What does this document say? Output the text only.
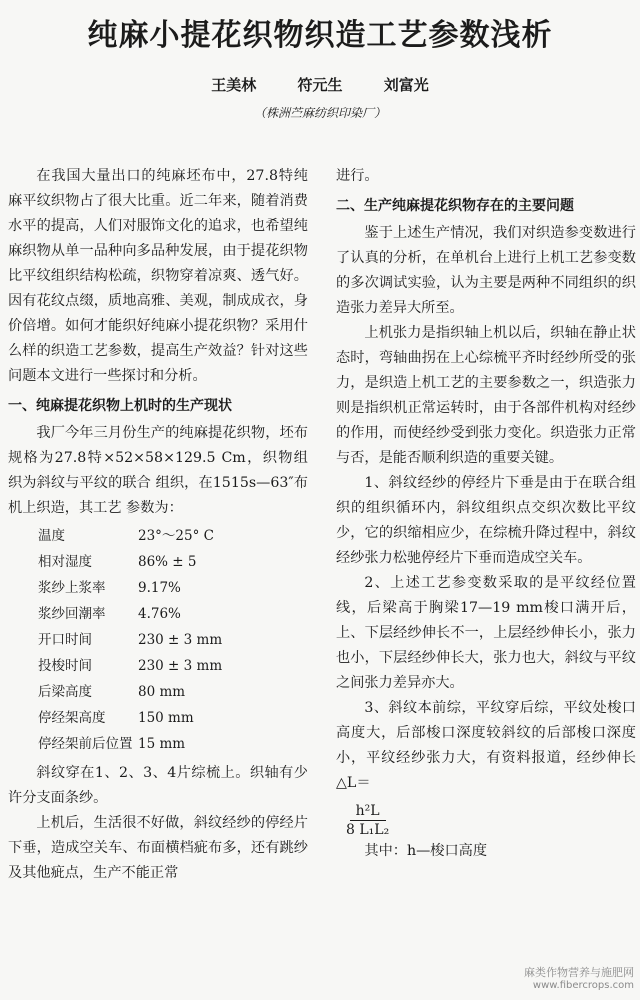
纯麻小提花织物织造工艺参数浅析
王美林	符元生	刘富光
（株洲苎麻纺织印染厂）

在我国大量出口的纯麻坯布中，27.8特纯麻平纹织物占了很大比重。近二年来，随着消费水平的提高，人们对服饰文化的追求，也希望纯麻织物从单一品种向多品种发展，由于提花织物比平纹组织结构松疏，织物穿着凉爽、透气好。因有花纹点缀，质地高雅、美观，制成成衣，身价倍增。如何才能织好纯麻小提花织物？采用什么样的织造工艺参数，提高生产效益？针对这些问题本文进行一些探讨和分析。

一、纯麻提花织物上机时的生产现状

我厂今年三月份生产的纯麻提花织物，坯布规格为27.8特×52×58×129.5 Cm，织物组织为斜纹与平纹的联合 组织，在1515s—63″布机上织造，其工艺 参数为：

温度	23°～25° C
相对湿度	86% ± 5
浆纱上浆率	9.17%
浆纱回潮率	4.76%
开口时间	230 ± 3 mm
投梭时间	230 ± 3 mm
后梁高度	80 mm
停经架高度	150 mm
停经架前后位置 15 mm

斜纹穿在1、2、3、4片综梳上。织轴有少许分支面条纱。

上机后，生活很不好做，斜纹经纱的停经片下垂，造成空关车、布面横档疵布多，还有跳纱及其他疵点，生产不能正常

进行。

二、生产纯麻提花织物存在的主要问题

鉴于上述生产情况，我们对织造参变数进行了认真的分析，在单机台上进行上机工艺参变数的多次调试实验，认为主要是两种不同组织的织造张力差异大所至。

上机张力是指织轴上机以后，织轴在静止状态时，弯轴曲拐在上心综梳平齐时经纱所受的张力，是织造上机工艺的主要参数之一，织造张力则是指织机正常运转时，由于各部件机构对经纱的作用，而使经纱受到张力变化。织造张力正常与否，是能否顺利织造的重要关键。

1、斜纹经纱的停经片下垂是由于在联合组织的组织循环内，斜纹组织点交织次数比平纹少，它的织缩相应少，在综梳升降过程中，斜纹经纱张力松驰停经片下垂而造成空关车。

2、上述工艺参变数采取的是平纹经位置线，后梁高于胸梁17—19 mm梭口满开后，上、下层经纱伸长不一，上层经纱伸长小，张力也小，下层经纱伸长大，张力也大，斜纹与平纹之间张力差异亦大。

3、斜纹本前综，平纹穿后综，平纹处梭口高度大，后部梭口深度较斜纹的后部梭口深度小，平纹经纱张力大，有资料报道，经纱伸长△L＝

$\frac{\text{h²L}}{\text{8 L₁L₂}}$

其中：h—梭口高度

麻类作物营养与施肥网
www.fibercrops.com
